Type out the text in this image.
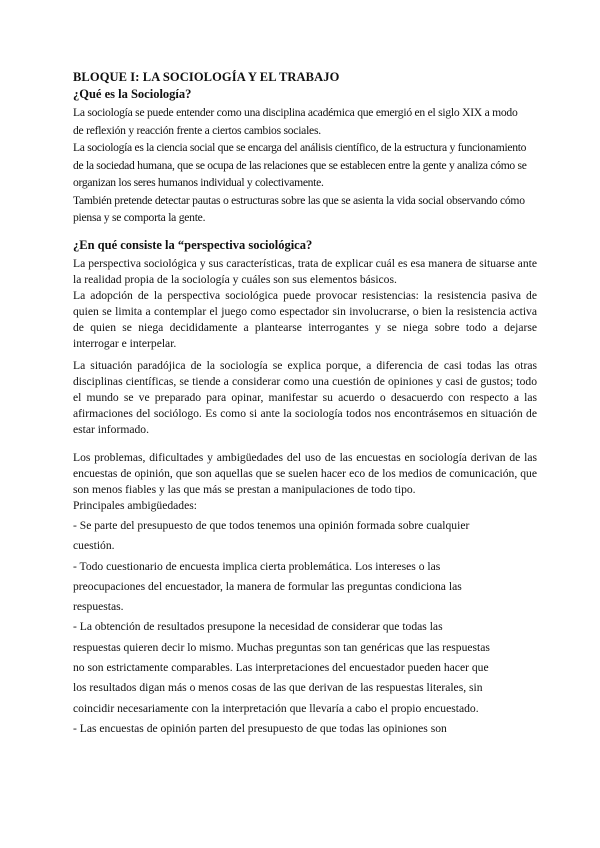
BLOQUE I: LA SOCIOLOGÍA Y EL TRABAJO
¿Qué es la Sociología?

La sociología se puede entender como una disciplina académica que emergió en el siglo XIX a modo de reflexión y reacción frente a ciertos cambios sociales.

La sociología es la ciencia social que se encarga del análisis científico, de la estructura y funcionamiento de la sociedad humana, que se ocupa de las relaciones que se establecen entre la gente y analiza cómo se organizan los seres humanos individual y colectivamente.

También pretende detectar pautas o estructuras sobre las que se asienta la vida social observando cómo piensa y se comporta la gente.

¿En qué consiste la “perspectiva sociológica?

La perspectiva sociológica y sus características, trata de explicar cuál es esa manera de situarse ante la realidad propia de la sociología y cuáles son sus elementos básicos.

La adopción de la perspectiva sociológica puede provocar resistencias: la resistencia pasiva de quien se limita a contemplar el juego como espectador sin involucrarse, o bien la resistencia activa de quien se niega decididamente a plantearse interrogantes y se niega sobre todo a dejarse interrogar e interpelar.

La situación paradójica de la sociología se explica porque, a diferencia de casi todas las otras disciplinas científicas, se tiende a considerar como una cuestión de opiniones y casi de gustos; todo el mundo se ve preparado para opinar, manifestar su acuerdo o desacuerdo con respecto a las afirmaciones del sociólogo. Es como si ante la sociología todos nos encontrásemos en situación de estar informado.

Los problemas, dificultades y ambigüedades del uso de las encuestas en sociología derivan de las encuestas de opinión, que son aquellas que se suelen hacer eco de los medios de comunicación, que son menos fiables y las que más se prestan a manipulaciones de todo tipo.

Principales ambigüedades:

- Se parte del presupuesto de que todos tenemos una opinión formada sobre cualquier cuestión.

- Todo cuestionario de encuesta implica cierta problemática. Los intereses o las preocupaciones del encuestador, la manera de formular las preguntas condiciona las respuestas.

- La obtención de resultados presupone la necesidad de considerar que todas las respuestas quieren decir lo mismo. Muchas preguntas son tan genéricas que las respuestas no son estrictamente comparables. Las interpretaciones del encuestador pueden hacer que los resultados digan más o menos cosas de las que derivan de las respuestas literales, sin coincidir necesariamente con la interpretación que llevaría a cabo el propio encuestado.

- Las encuestas de opinión parten del presupuesto de que todas las opiniones son
